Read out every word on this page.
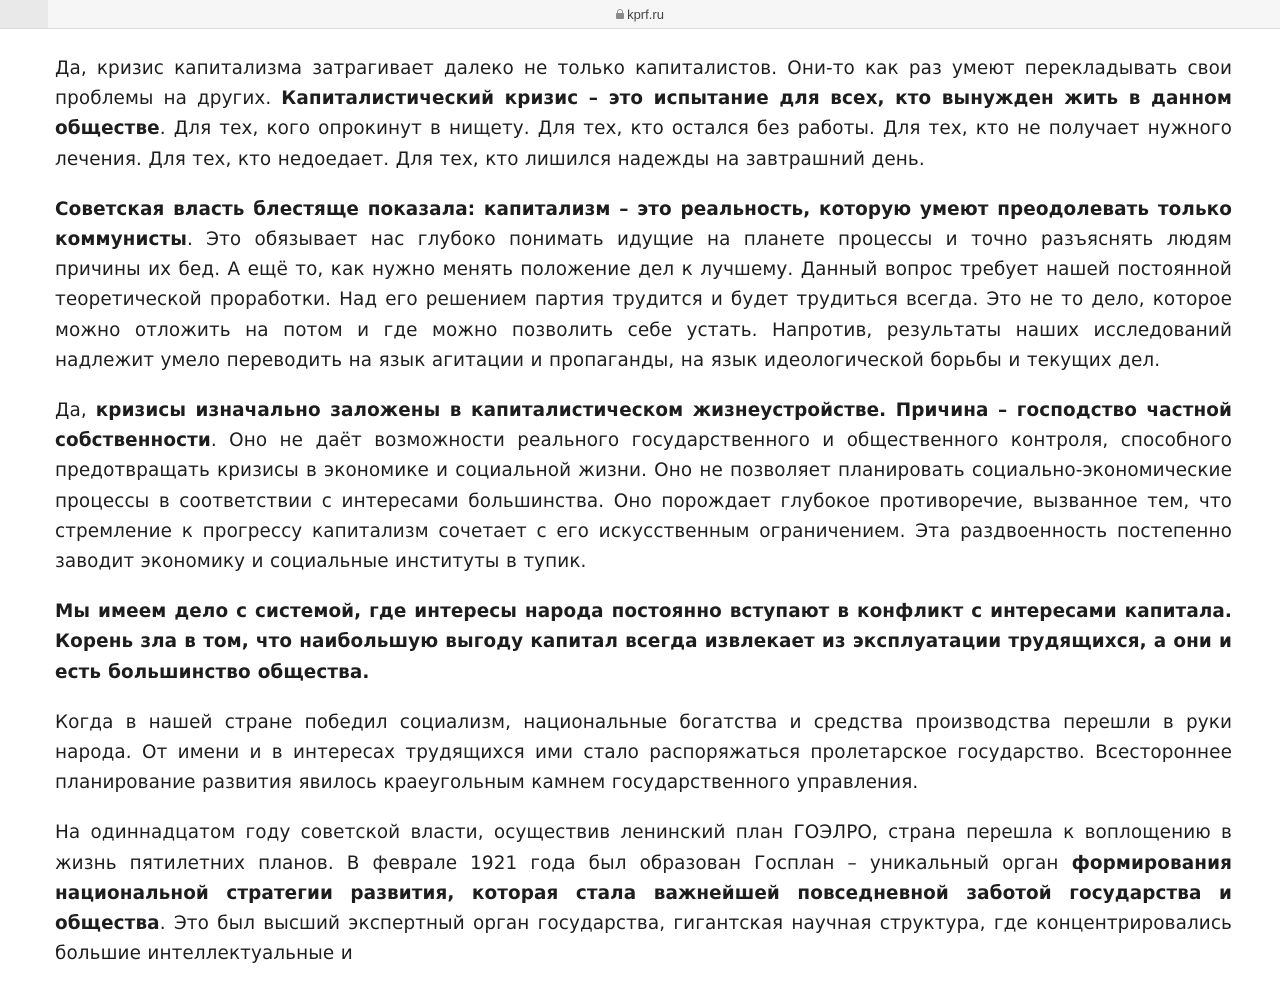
kprf.ru

Да, кризис капитализма затрагивает далеко не только капиталистов. Они-то как раз умеют перекладывать свои проблемы на других. Капиталистический кризис – это испытание для всех, кто вынужден жить в данном обществе. Для тех, кого опрокинут в нищету. Для тех, кто остался без работы. Для тех, кто не получает нужного лечения. Для тех, кто недоедает. Для тех, кто лишился надежды на завтрашний день.

Советская власть блестяще показала: капитализм – это реальность, которую умеют преодолевать только коммунисты. Это обязывает нас глубоко понимать идущие на планете процессы и точно разъяснять людям причины их бед. А ещё то, как нужно менять положение дел к лучшему. Данный вопрос требует нашей постоянной теоретической проработки. Над его решением партия трудится и будет трудиться всегда. Это не то дело, которое можно отложить на потом и где можно позволить себе устать. Напротив, результаты наших исследований надлежит умело переводить на язык агитации и пропаганды, на язык идеологической борьбы и текущих дел.

Да, кризисы изначально заложены в капиталистическом жизнеустройстве. Причина – господство частной собственности. Оно не даёт возможности реального государственного и общественного контроля, способного предотвращать кризисы в экономике и социальной жизни. Оно не позволяет планировать социально-экономические процессы в соответствии с интересами большинства. Оно порождает глубокое противоречие, вызванное тем, что стремление к прогрессу капитализм сочетает с его искусственным ограничением. Эта раздвоенность постепенно заводит экономику и социальные институты в тупик.

Мы имеем дело с системой, где интересы народа постоянно вступают в конфликт с интересами капитала. Корень зла в том, что наибольшую выгоду капитал всегда извлекает из эксплуатации трудящихся, а они и есть большинство общества.

Когда в нашей стране победил социализм, национальные богатства и средства производства перешли в руки народа. От имени и в интересах трудящихся ими стало распоряжаться пролетарское государство. Всестороннее планирование развития явилось краеугольным камнем государственного управления.

На одиннадцатом году советской власти, осуществив ленинский план ГОЭЛРО, страна перешла к воплощению в жизнь пятилетних планов. В феврале 1921 года был образован Госплан – уникальный орган формирования национальной стратегии развития, которая стала важнейшей повседневной заботой государства и общества. Это был высший экспертный орган государства, гигантская научная структура, где концентрировались большие интеллектуальные и
